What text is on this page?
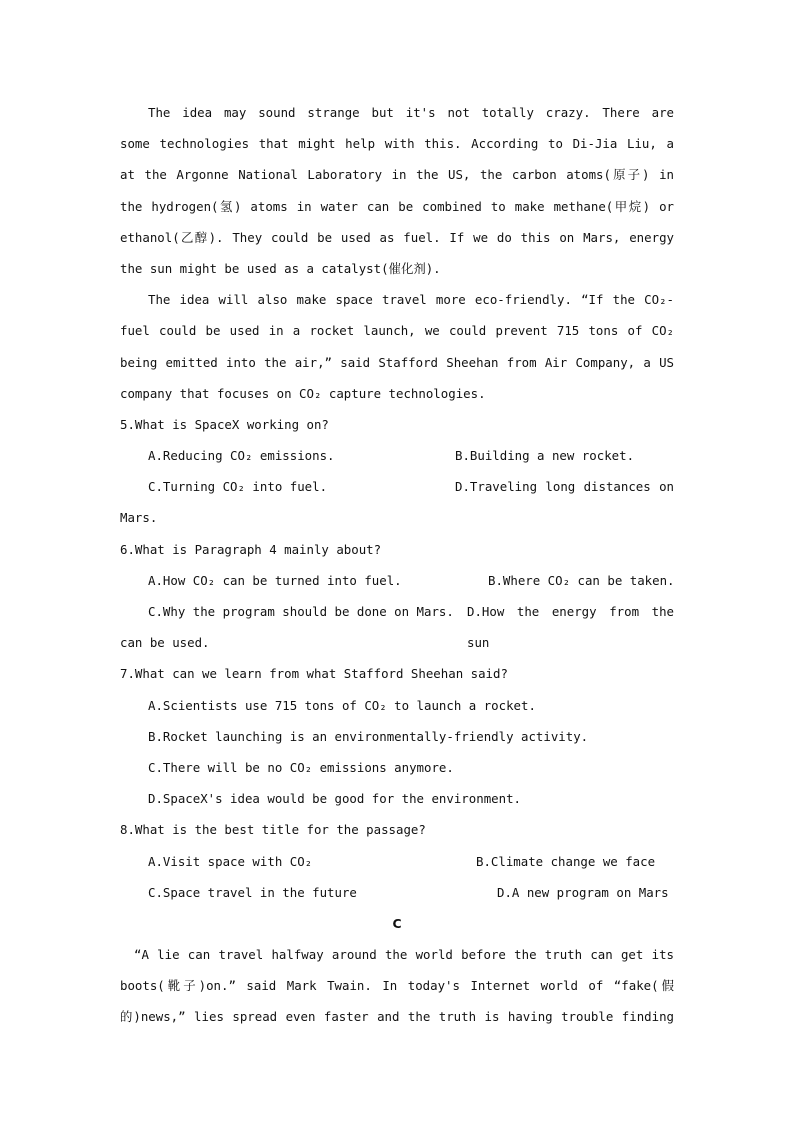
The idea may sound strange but it's not totally crazy. There are
some technologies that might help with this. According to Di-Jia Liu, a
at the Argonne National Laboratory in the US, the carbon atoms(原子) in
the hydrogen(氢) atoms in water can be combined to make methane(甲烷) or
ethanol(乙醇). They could be used as fuel. If we do this on Mars, energy
the sun might be used as a catalyst(催化剂).
The idea will also make space travel more eco-friendly. “If the CO₂-
fuel could be used in a rocket launch, we could prevent 715 tons of CO₂
being emitted into the air,” said Stafford Sheehan from Air Company, a US
company that focuses on CO₂ capture technologies.
5.What is SpaceX working on?
A.Reducing CO₂ emissions.	B.Building a new rocket.
C.Turning CO₂ into fuel.	D.Traveling long distances on
Mars.
6.What is Paragraph 4 mainly about?
A.How CO₂ can be turned into fuel.	B.Where CO₂ can be taken.
C.Why the program should be done on Mars. D.How the energy from the sun
can be used.
7.What can we learn from what Stafford Sheehan said?
A.Scientists use 715 tons of CO₂ to launch a rocket.
B.Rocket launching is an environmentally-friendly activity.
C.There will be no CO₂ emissions anymore.
D.SpaceX's idea would be good for the environment.
8.What is the best title for the passage?
A.Visit space with CO₂	B.Climate change we face
C.Space travel in the future	D.A new program on Mars
C
“A lie can travel halfway around the world before the truth can get its
boots(靴子)on.” said Mark Twain. In today's Internet world of “fake(假
的)news,” lies spread even faster and the truth is having trouble finding
